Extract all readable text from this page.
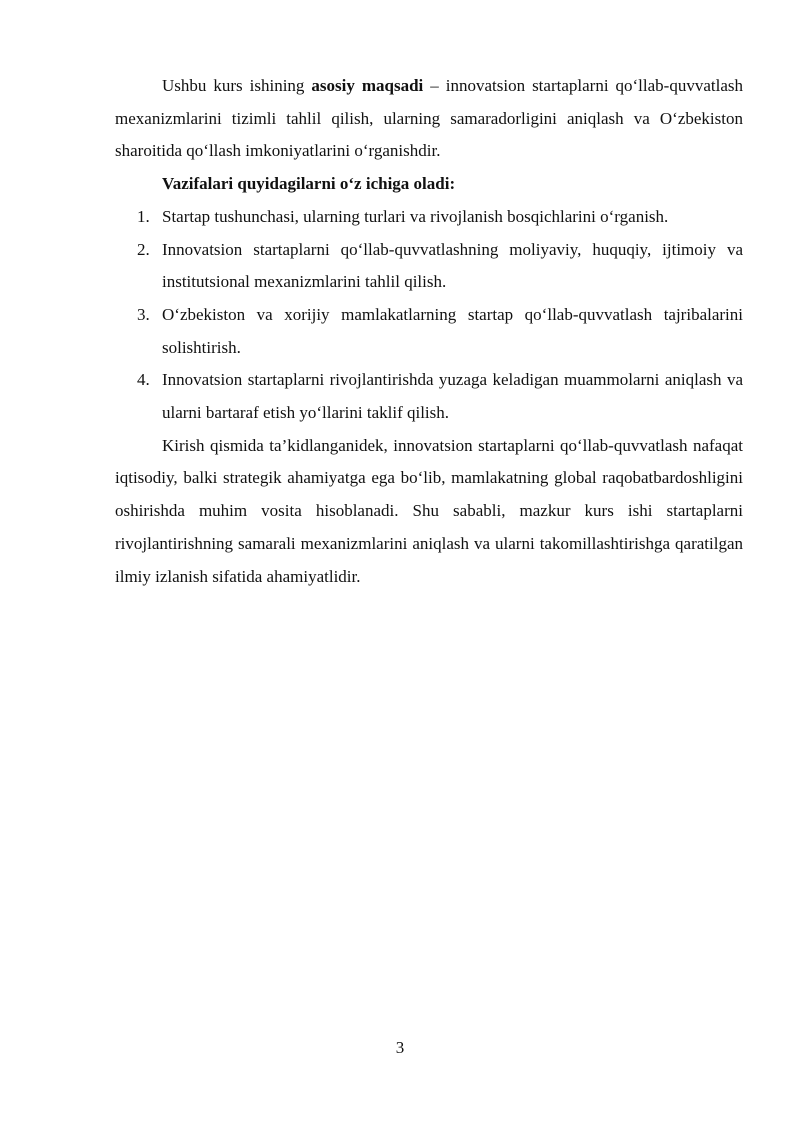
Ushbu kurs ishining asosiy maqsadi – innovatsion startaplarni qo‘llab-quvvatlash mexanizmlarini tizimli tahlil qilish, ularning samaradorligini aniqlash va O‘zbekiston sharoitida qo‘llash imkoniyatlarini o‘rganishdir.

Vazifalari quyidagilarni o‘z ichiga oladi:

1. Startap tushunchasi, ularning turlari va rivojlanish bosqichlarini o‘rganish.
2. Innovatsion startaplarni qo‘llab-quvvatlashning moliyaviy, huquqiy, ijtimoiy va institutsional mexanizmlarini tahlil qilish.
3. O‘zbekiston va xorijiy mamlakatlarning startap qo‘llab-quvvatlash tajribalarini solishtirish.
4. Innovatsion startaplarni rivojlantirishda yuzaga keladigan muammolarni aniqlash va ularni bartaraf etish yo‘llarini taklif qilish.

Kirish qismida ta’kidlanganidek, innovatsion startaplarni qo‘llab-quvvatlash nafaqat iqtisodiy, balki strategik ahamiyatga ega bo‘lib, mamlakatning global raqobatbardoshligini oshirishda muhim vosita hisoblanadi. Shu sababli, mazkur kurs ishi startaplarni rivojlantirishning samarali mexanizmlarini aniqlash va ularni takomillashtirishga qaratilgan ilmiy izlanish sifatida ahamiyatlidir.

3
